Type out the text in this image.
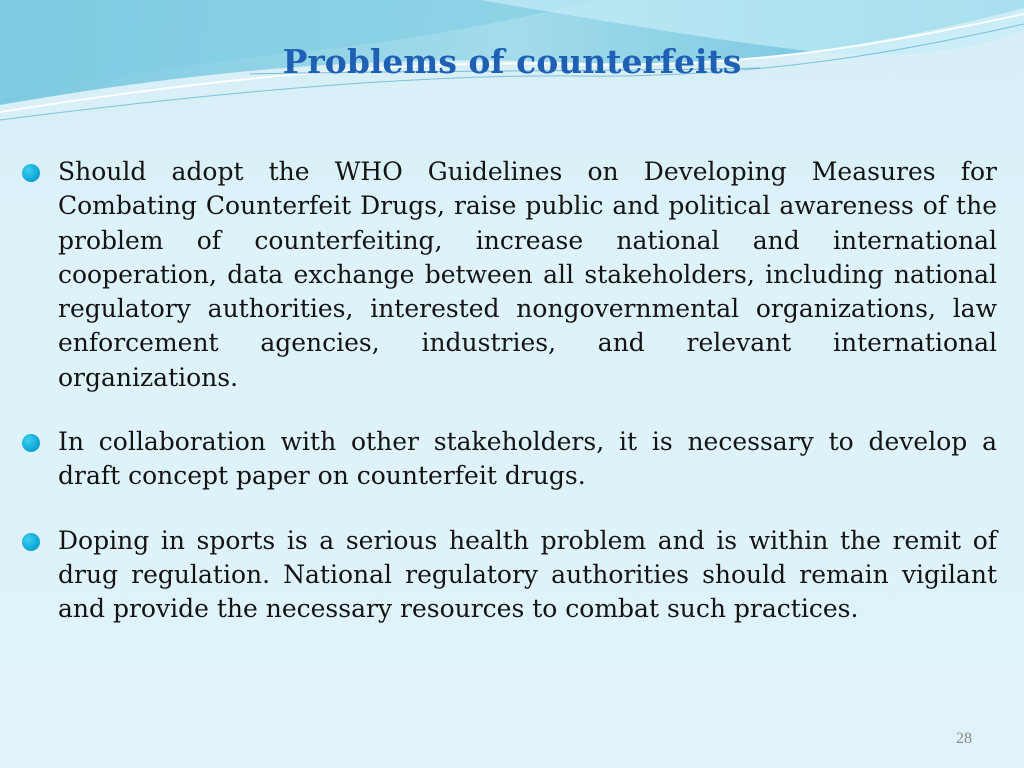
Problems of counterfeits
Should adopt the WHO Guidelines on Developing Measures for Combating Counterfeit Drugs, raise public and political awareness of the problem of counterfeiting, increase national and international cooperation, data exchange between all stakeholders, including national regulatory authorities, interested nongovernmental organizations, law enforcement agencies, industries, and relevant international organizations.
In collaboration with other stakeholders, it is necessary to develop a draft concept paper on counterfeit drugs.
Doping in sports is a serious health problem and is within the remit of drug regulation. National regulatory authorities should remain vigilant and provide the necessary resources to combat such practices.
28
